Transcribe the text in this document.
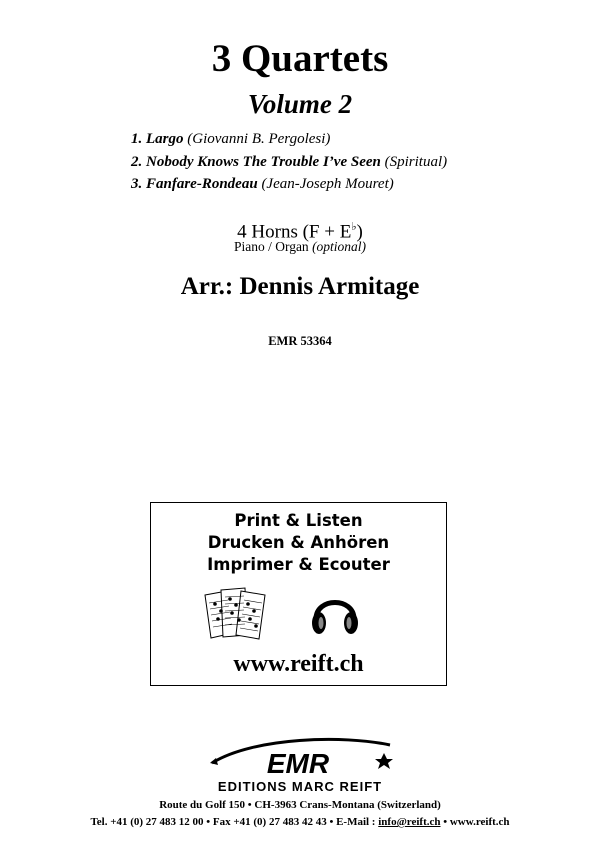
3 Quartets
Volume 2
1. Largo (Giovanni B. Pergolesi)
2. Nobody Knows The Trouble I’ve Seen (Spiritual)
3. Fanfare-Rondeau (Jean-Joseph Mouret)
4 Horns (F + E♭)
Piano / Organ (optional)
Arr.: Dennis Armitage
EMR 53364
Print & Listen
Drucken & Anhören
Imprimer & Ecouter
www.reift.ch
EMR
EDITIONS MARC REIFT
Route du Golf 150 • CH-3963 Crans-Montana (Switzerland)
Tel. +41 (0) 27 483 12 00 • Fax +41 (0) 27 483 42 43 • E-Mail : info@reift.ch • www.reift.ch
